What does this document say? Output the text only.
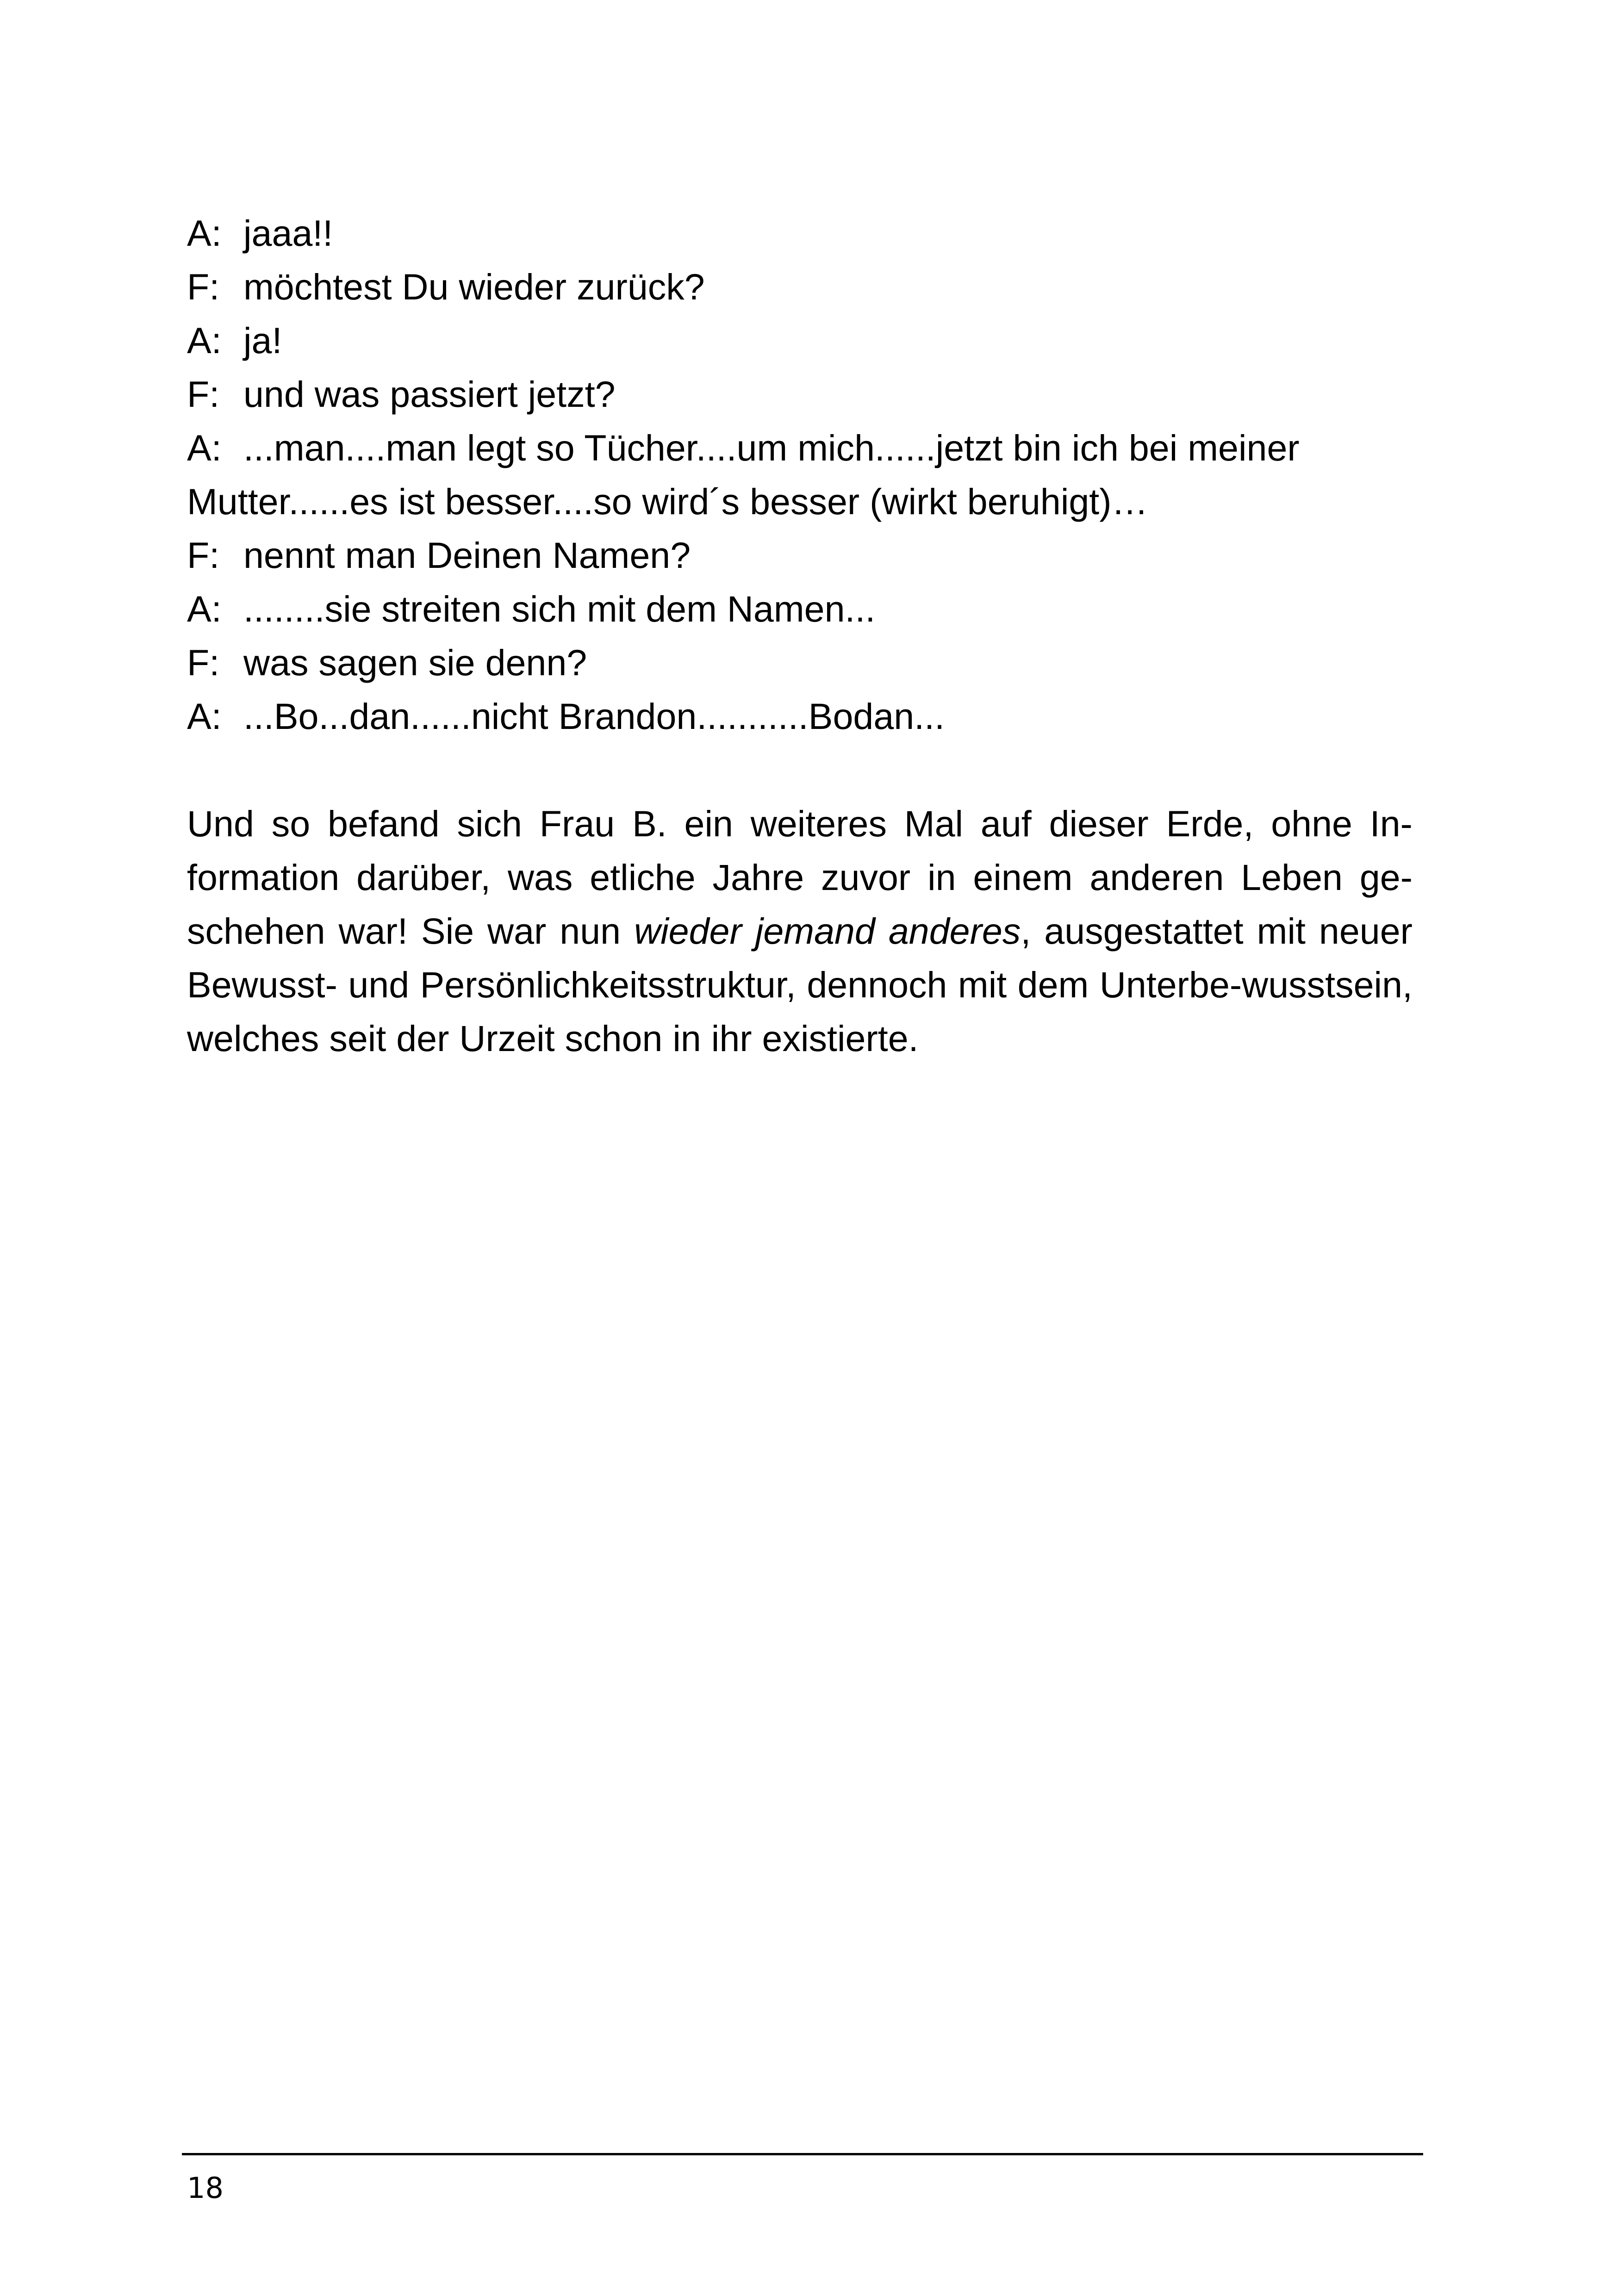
A: jaaa!!
F: möchtest Du wieder zurück?
A: ja!
F: und was passiert jetzt?
A: ...man....man legt so Tücher....um mich......jetzt bin ich bei meiner
Mutter......es ist besser....so wird´s besser (wirkt beruhigt)…
F: nennt man Deinen Namen?
A: ........sie streiten sich mit dem Namen...
F: was sagen sie denn?
A: ...Bo...dan......nicht Brandon...........Bodan...

Und so befand sich Frau B. ein weiteres Mal auf dieser Erde, ohne In-formation darüber, was etliche Jahre zuvor in einem anderen Leben ge-schehen war! Sie war nun wieder jemand anderes, ausgestattet mit neuer Bewusst- und Persönlichkeitsstruktur, dennoch mit dem Unterbe-wusstsein, welches seit der Urzeit schon in ihr existierte.

18
